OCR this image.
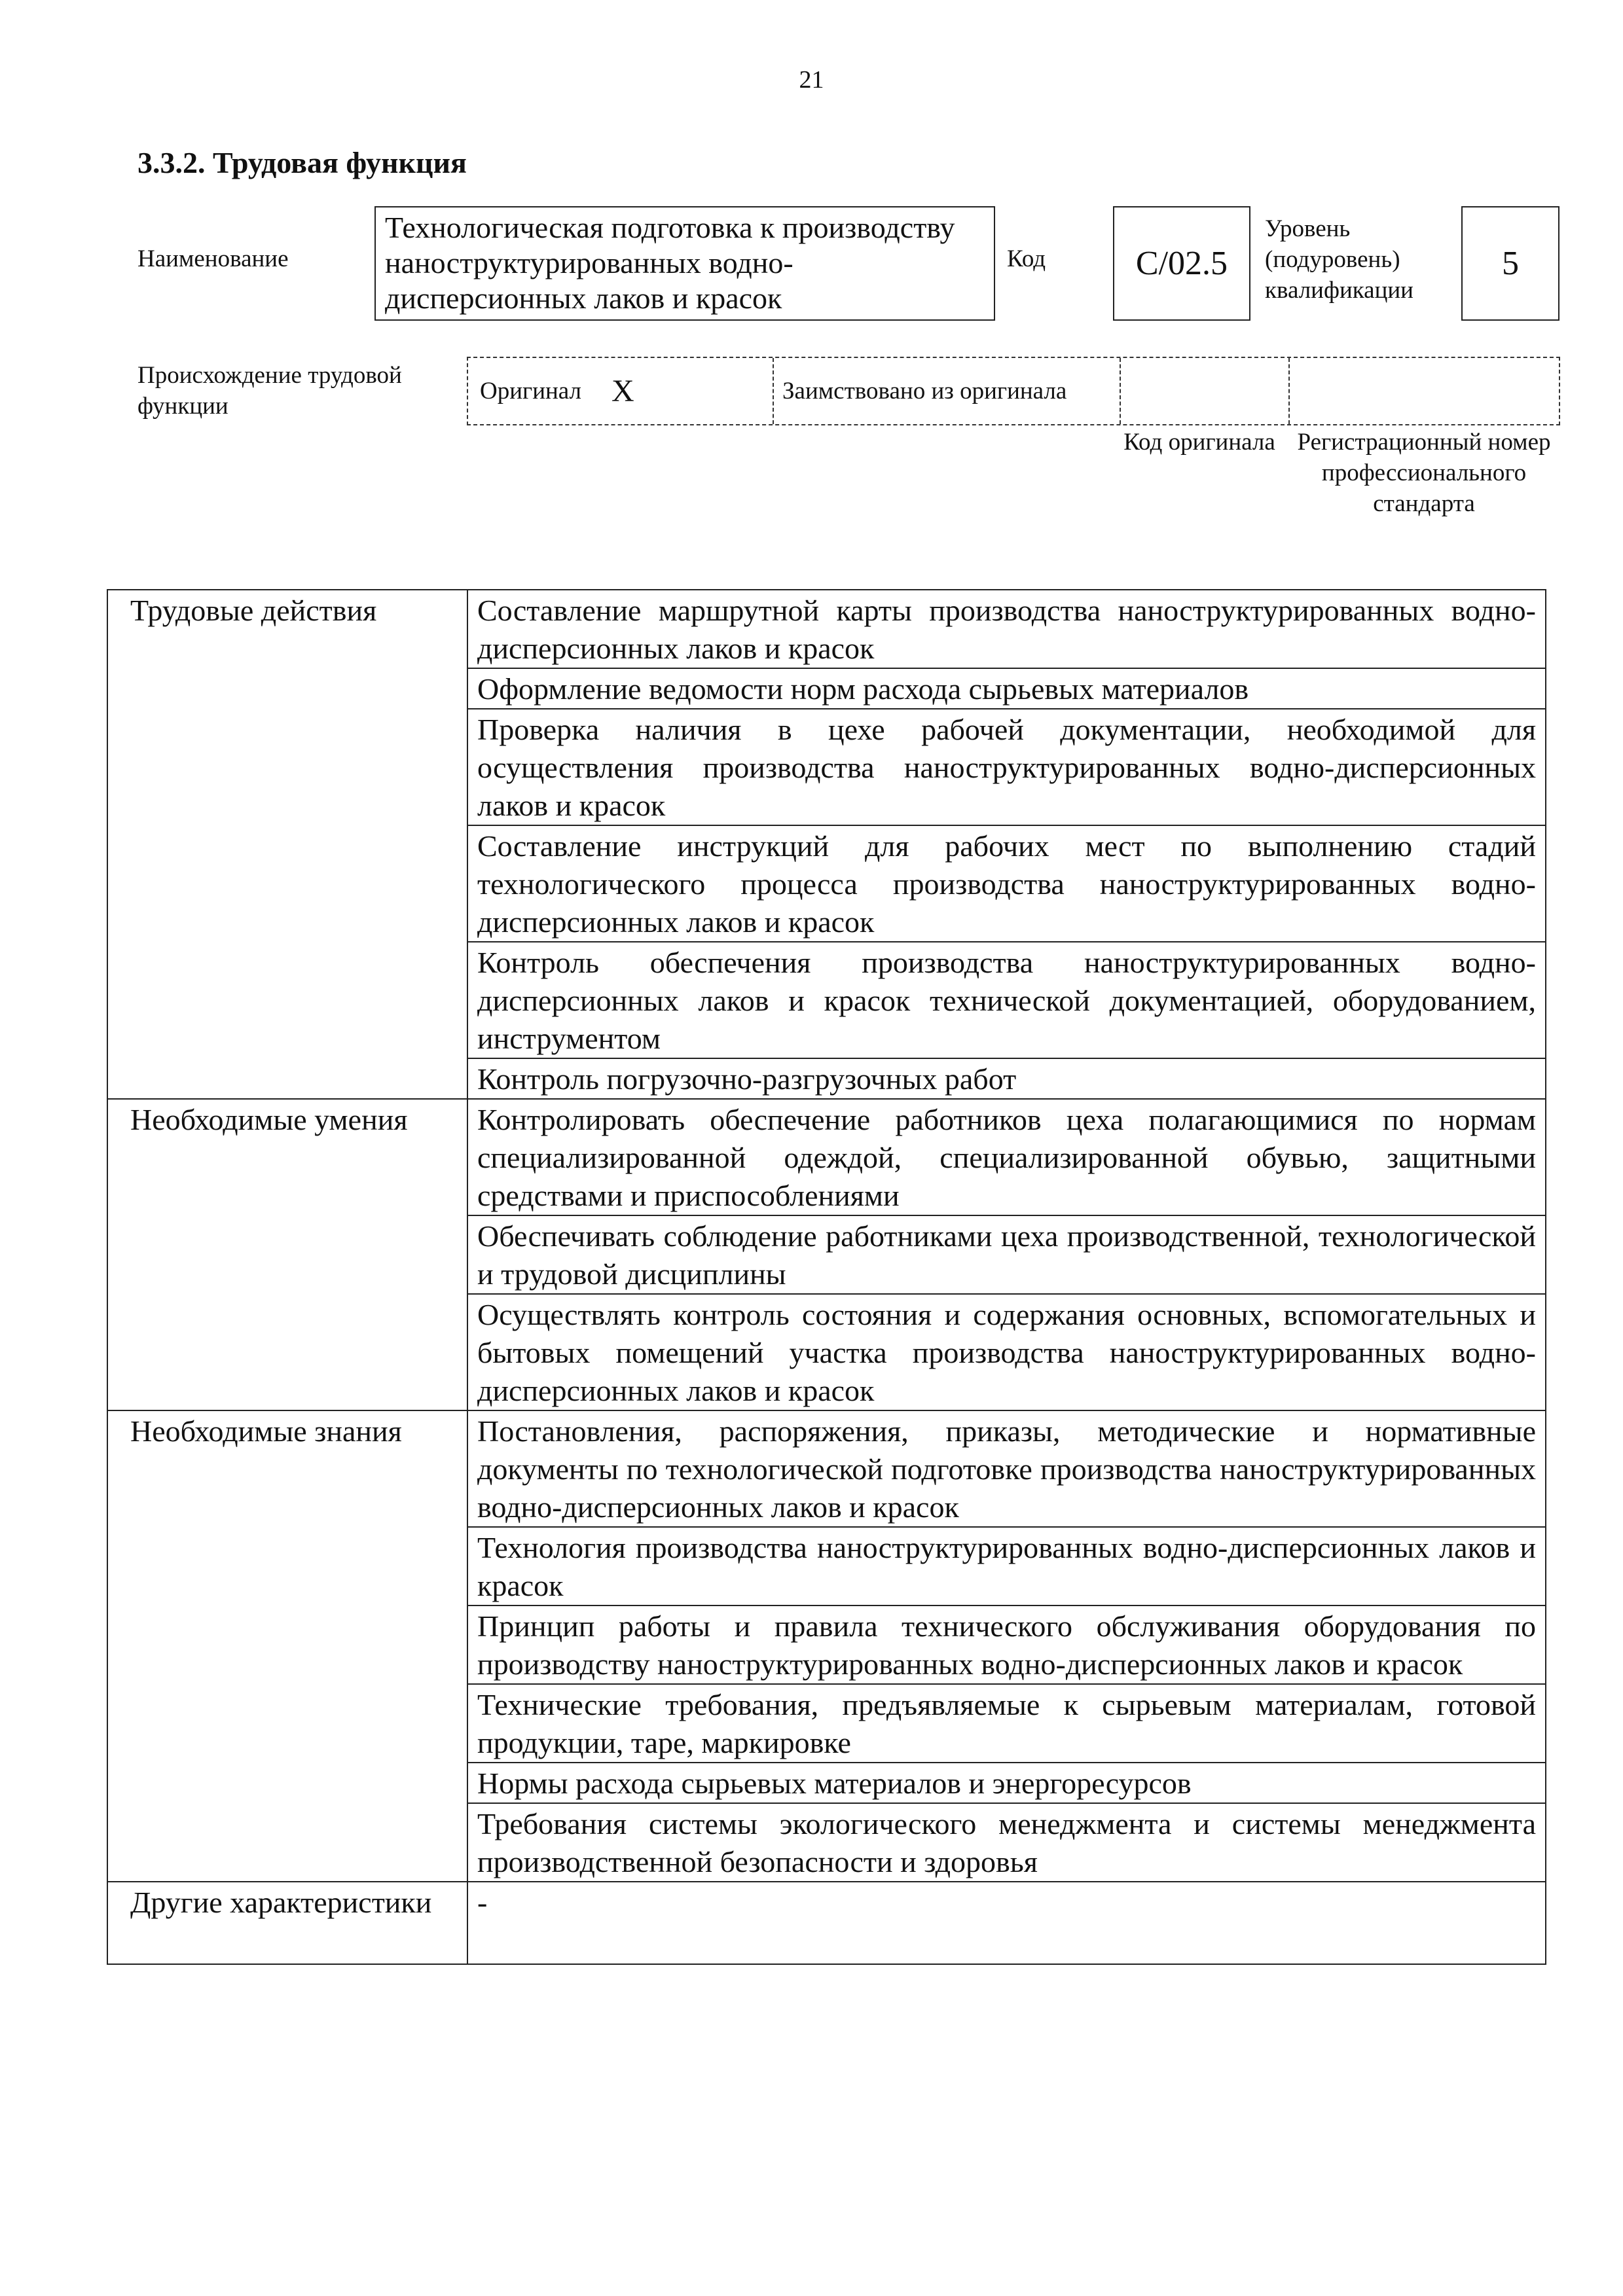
21
3.3.2. Трудовая функция
Наименование
Технологическая подготовка к производству наноструктурированных водно-дисперсионных лаков и красок
Код	C/02.5
Уровень (подуровень) квалификации
5
Происхождение трудовой функции
Оригинал X	Заимствовано из оригинала
Код оригинала Регистрационный номер профессионального стандарта
Трудовые действия	Составление маршрутной карты производства наноструктурированных водно-дисперсионных лаков и красок
	Оформление ведомости норм расхода сырьевых материалов
	Проверка наличия в цехе рабочей документации, необходимой для осуществления производства наноструктурированных водно-дисперсионных лаков и красок
	Составление инструкций для рабочих мест по выполнению стадий технологического процесса производства наноструктурированных водно-дисперсионных лаков и красок
	Контроль обеспечения производства наноструктурированных водно-дисперсионных лаков и красок технической документацией, оборудованием, инструментом
	Контроль погрузочно-разгрузочных работ
Необходимые умения	Контролировать обеспечение работников цеха полагающимися по нормам специализированной одеждой, специализированной обувью, защитными средствами и приспособлениями
	Обеспечивать соблюдение работниками цеха производственной, технологической и трудовой дисциплины
	Осуществлять контроль состояния и содержания основных, вспомогательных и бытовых помещений участка производства наноструктурированных водно-дисперсионных лаков и красок
Необходимые знания	Постановления, распоряжения, приказы, методические и нормативные документы по технологической подготовке производства наноструктурированных водно-дисперсионных лаков и красок
	Технология производства наноструктурированных водно-дисперсионных лаков и красок
	Принцип работы и правила технического обслуживания оборудования по производству наноструктурированных водно-дисперсионных лаков и красок
	Технические требования, предъявляемые к сырьевым материалам, готовой продукции, таре, маркировке
	Нормы расхода сырьевых материалов и энергоресурсов
	Требования системы экологического менеджмента и системы менеджмента производственной безопасности и здоровья
Другие характеристики	-
